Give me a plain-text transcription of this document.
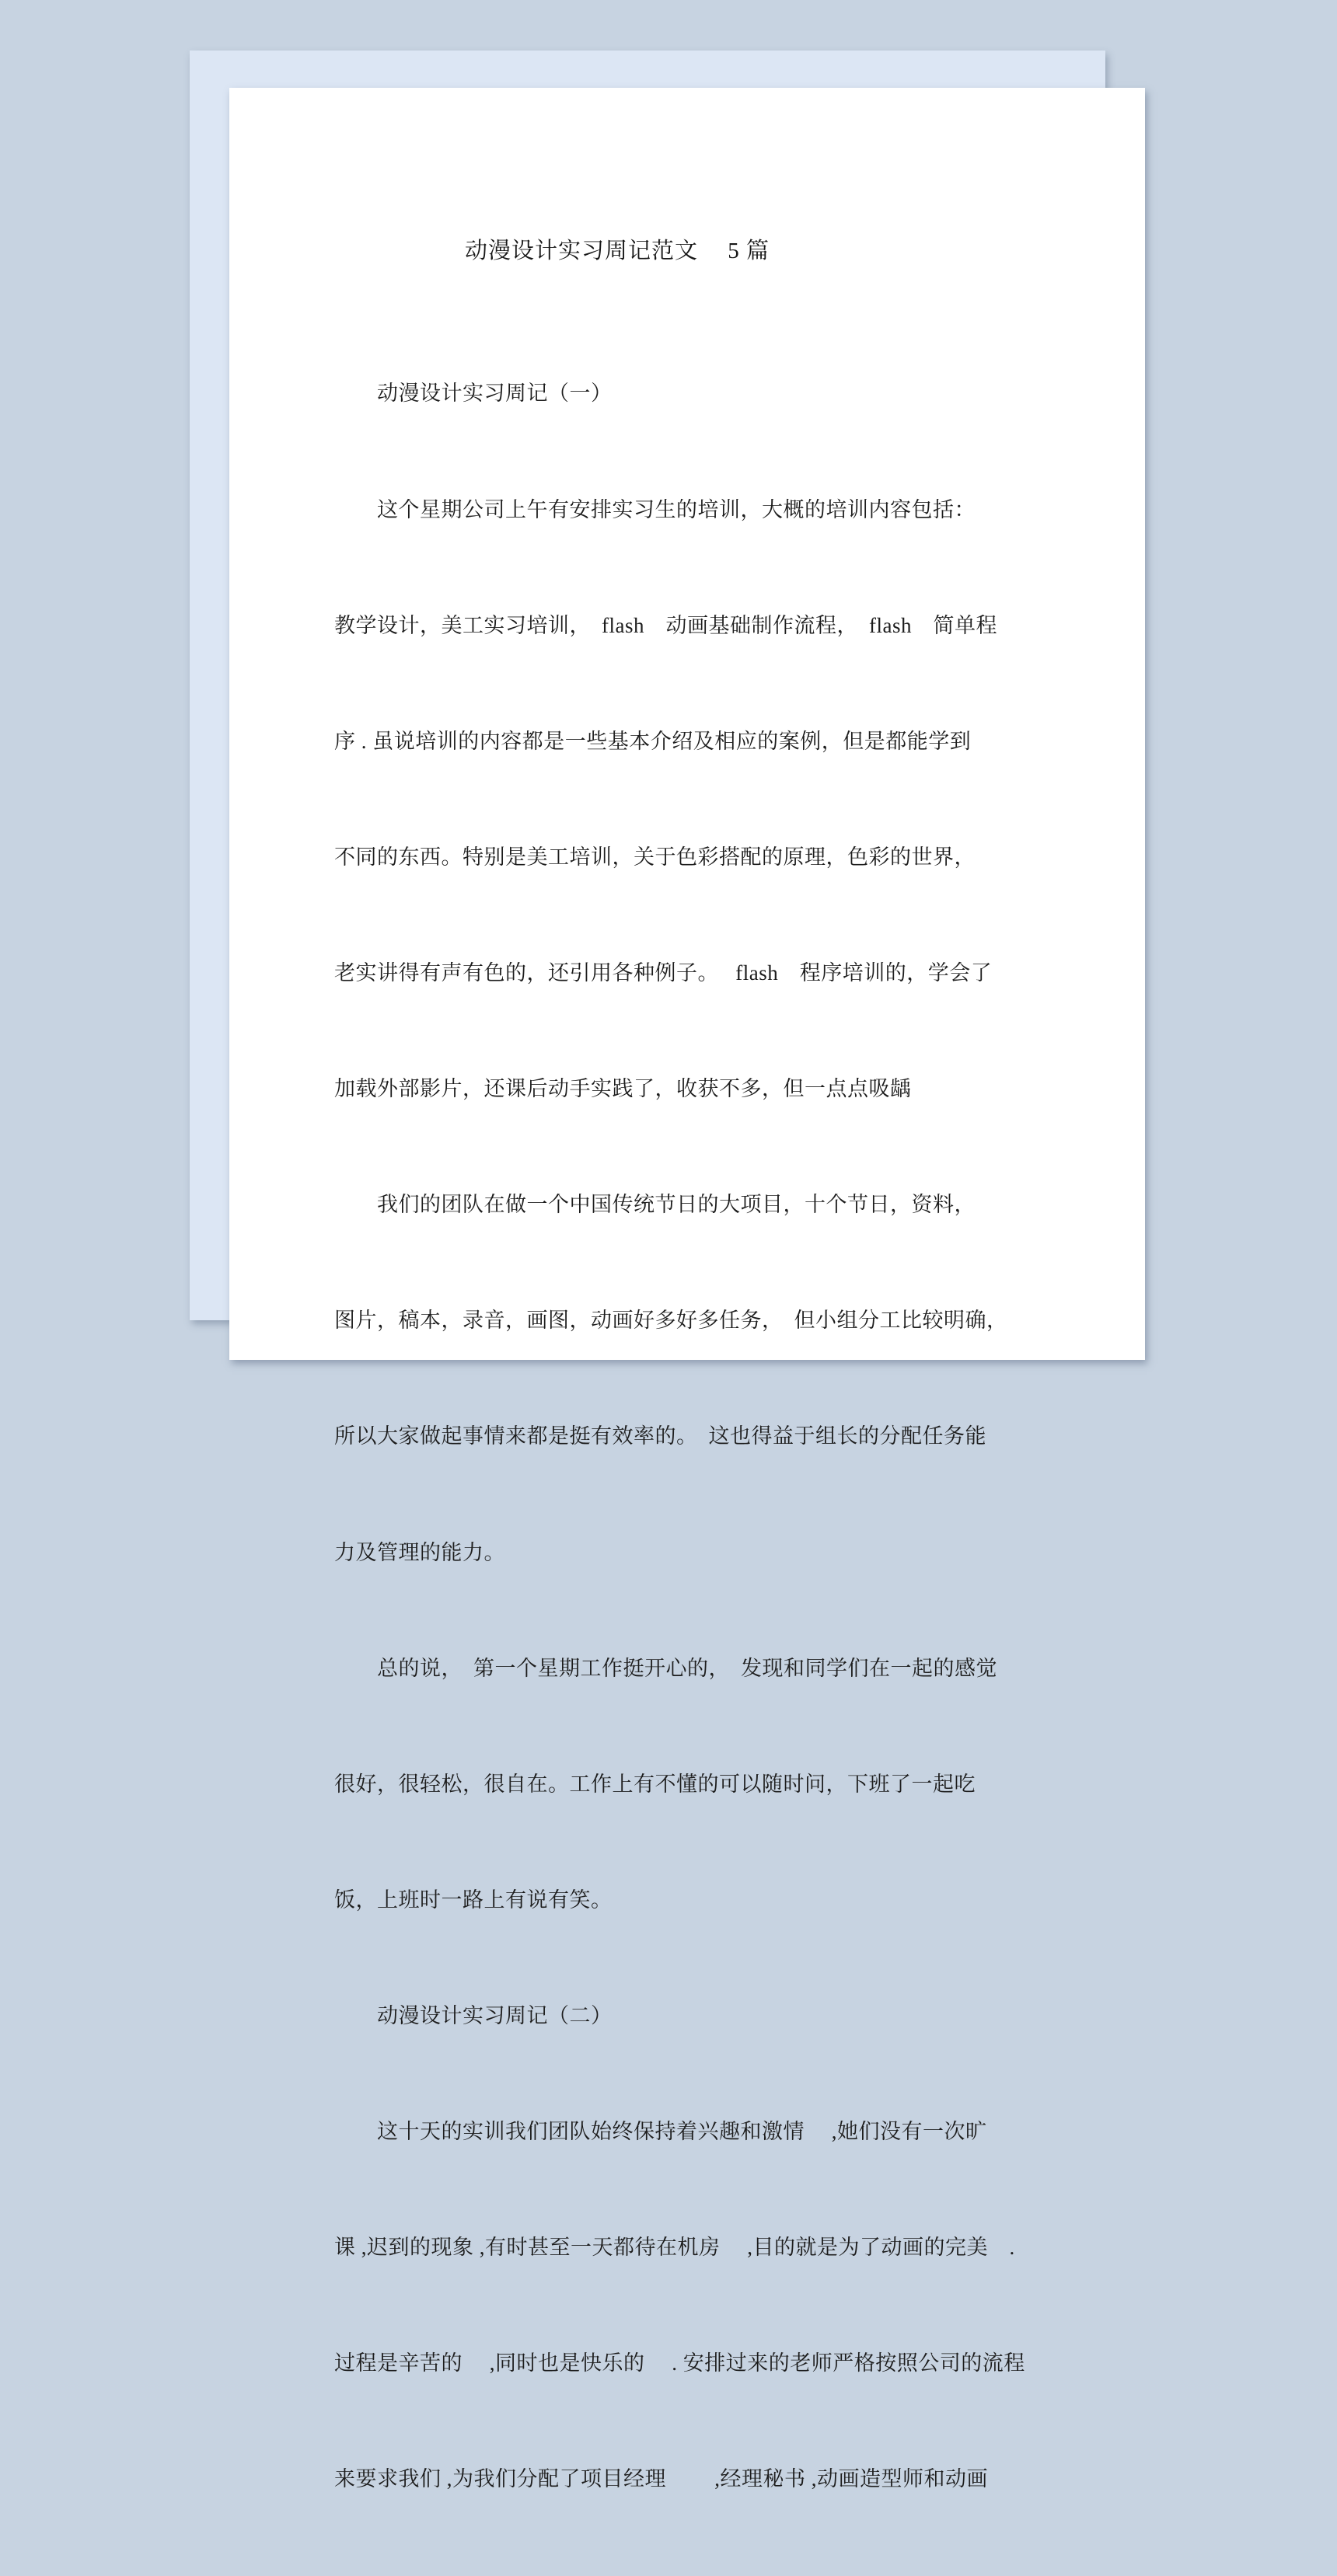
动漫设计实习周记范文　 5 篇

　　动漫设计实习周记（一）

　　这个星期公司上午有安排实习生的培训，大概的培训内容包括：

教学设计，美工实习培训，　flash　动画基础制作流程，　flash　简单程

序 . 虽说培训的内容都是一些基本介绍及相应的案例，但是都能学到

不同的东西。特别是美工培训，关于色彩搭配的原理，色彩的世界，

老实讲得有声有色的，还引用各种例子。　 flash　程序培训的，学会了

加载外部影片，还课后动手实践了，收获不多，但一点点吸龋

　　我们的团队在做一个中国传统节日的大项目，十个节日，资料，

图片，稿本，录音，画图，动画好多好多任务，　但小组分工比较明确，

所以大家做起事情来都是挺有效率的。　这也得益于组长的分配任务能

力及管理的能力。

　　总的说，　第一个星期工作挺开心的，　发现和同学们在一起的感觉

很好，很轻松，很自在。工作上有不懂的可以随时问，下班了一起吃

饭，上班时一路上有说有笑。

　　动漫设计实习周记（二）

　　这十天的实训我们团队始终保持着兴趣和激情　 ,她们没有一次旷

课 ,迟到的现象 ,有时甚至一天都待在机房　 ,目的就是为了动画的完美　.

过程是辛苦的　 ,同时也是快乐的　 . 安排过来的老师严格按照公司的流程

来要求我们 ,为我们分配了项目经理　　 ,经理秘书 ,动画造型师和动画
